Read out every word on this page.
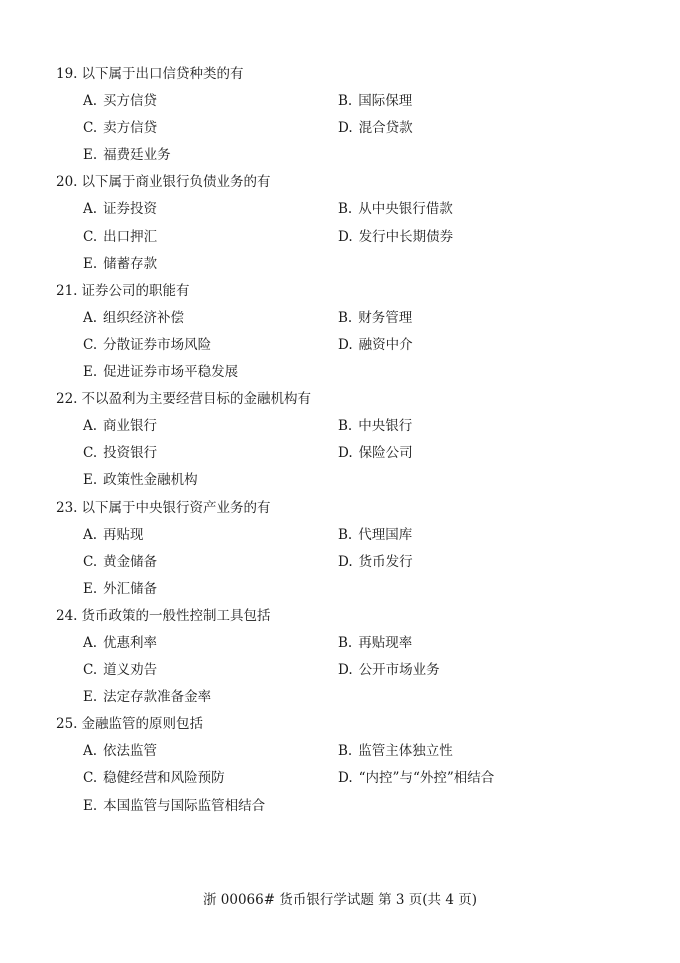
19. 以下属于出口信贷种类的有
A. 买方信贷	B. 国际保理
C. 卖方信贷	D. 混合贷款
E. 福费廷业务
20. 以下属于商业银行负债业务的有
A. 证券投资	B. 从中央银行借款
C. 出口押汇	D. 发行中长期债券
E. 储蓄存款
21. 证券公司的职能有
A. 组织经济补偿	B. 财务管理
C. 分散证券市场风险	D. 融资中介
E. 促进证券市场平稳发展
22. 不以盈利为主要经营目标的金融机构有
A. 商业银行	B. 中央银行
C. 投资银行	D. 保险公司
E. 政策性金融机构
23. 以下属于中央银行资产业务的有
A. 再贴现	B. 代理国库
C. 黄金储备	D. 货币发行
E. 外汇储备
24. 货币政策的一般性控制工具包括
A. 优惠利率	B. 再贴现率
C. 道义劝告	D. 公开市场业务
E. 法定存款准备金率
25. 金融监管的原则包括
A. 依法监管	B. 监管主体独立性
C. 稳健经营和风险预防	D. “内控”与“外控”相结合
E. 本国监管与国际监管相结合
浙 00066# 货币银行学试题 第 3 页(共 4 页)
